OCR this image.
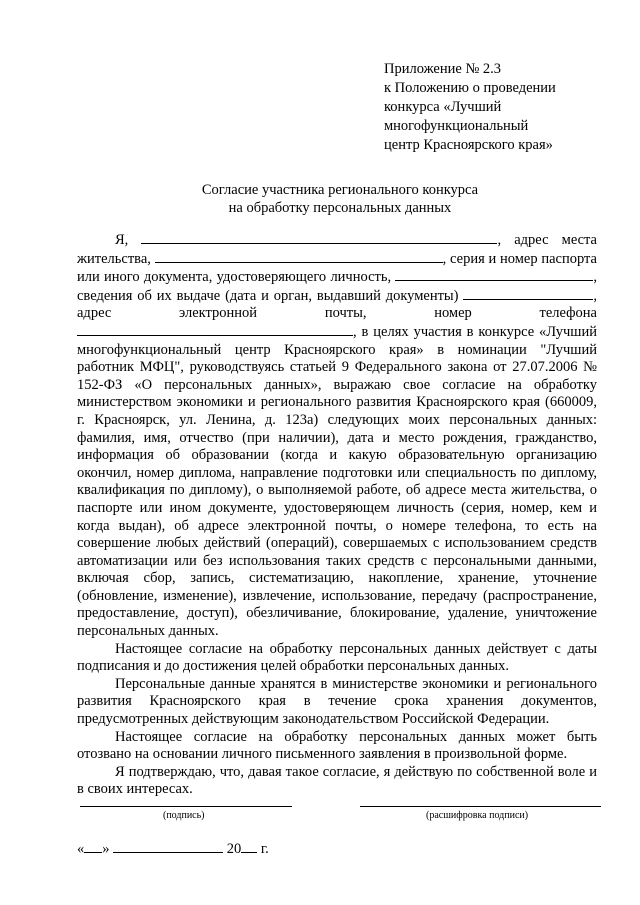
Приложение № 2.3
к Положению о проведении
конкурса «Лучший
многофункциональный
центр Красноярского края»
Согласие участника регионального конкурса
на обработку персональных данных

Я,	, адрес места жительства,	, серия и номер паспорта или иного документа, удостоверяющего личность,	, сведения об их выдаче (дата и орган, выдавший документы)	, адрес электронной почты, номер телефона , в целях участия в конкурсе «Лучший многофункциональный центр Красноярского края» в номинации "Лучший работник МФЦ", руководствуясь статьей 9 Федерального закона от 27.07.2006 № 152-ФЗ «О персональных данных», выражаю свое согласие на обработку министерством экономики и регионального развития Красноярского края (660009, г. Красноярск, ул. Ленина, д. 123а) следующих моих персональных данных: фамилия, имя, отчество (при наличии), дата и место рождения, гражданство, информация об образовании (когда и какую образовательную организацию окончил, номер диплома, направление подготовки или специальность по диплому, квалификация по диплому), о выполняемой работе, об адресе места жительства, о паспорте или ином документе, удостоверяющем личность (серия, номер, кем и когда выдан), об адресе электронной почты, о номере телефона, то есть на совершение любых действий (операций), совершаемых с использованием средств автоматизации или без использования таких средств с персональными данными, включая сбор, запись, систематизацию, накопление, хранение, уточнение (обновление, изменение), извлечение, использование, передачу (распространение, предоставление, доступ), обезличивание, блокирование, удаление, уничтожение персональных данных.

Настоящее согласие на обработку персональных данных действует с даты подписания и до достижения целей обработки персональных данных.

Персональные данные хранятся в министерстве экономики и регионального развития Красноярского края в течение срока хранения документов, предусмотренных действующим законодательством Российской Федерации.

Настоящее согласие на обработку персональных данных может быть отозвано на основании личного письменного заявления в произвольной форме.

Я подтверждаю, что, давая такое согласие, я действую по собственной воле и в своих интересах.

(подпись)	(расшифровка подписи)
« »	20 г.
